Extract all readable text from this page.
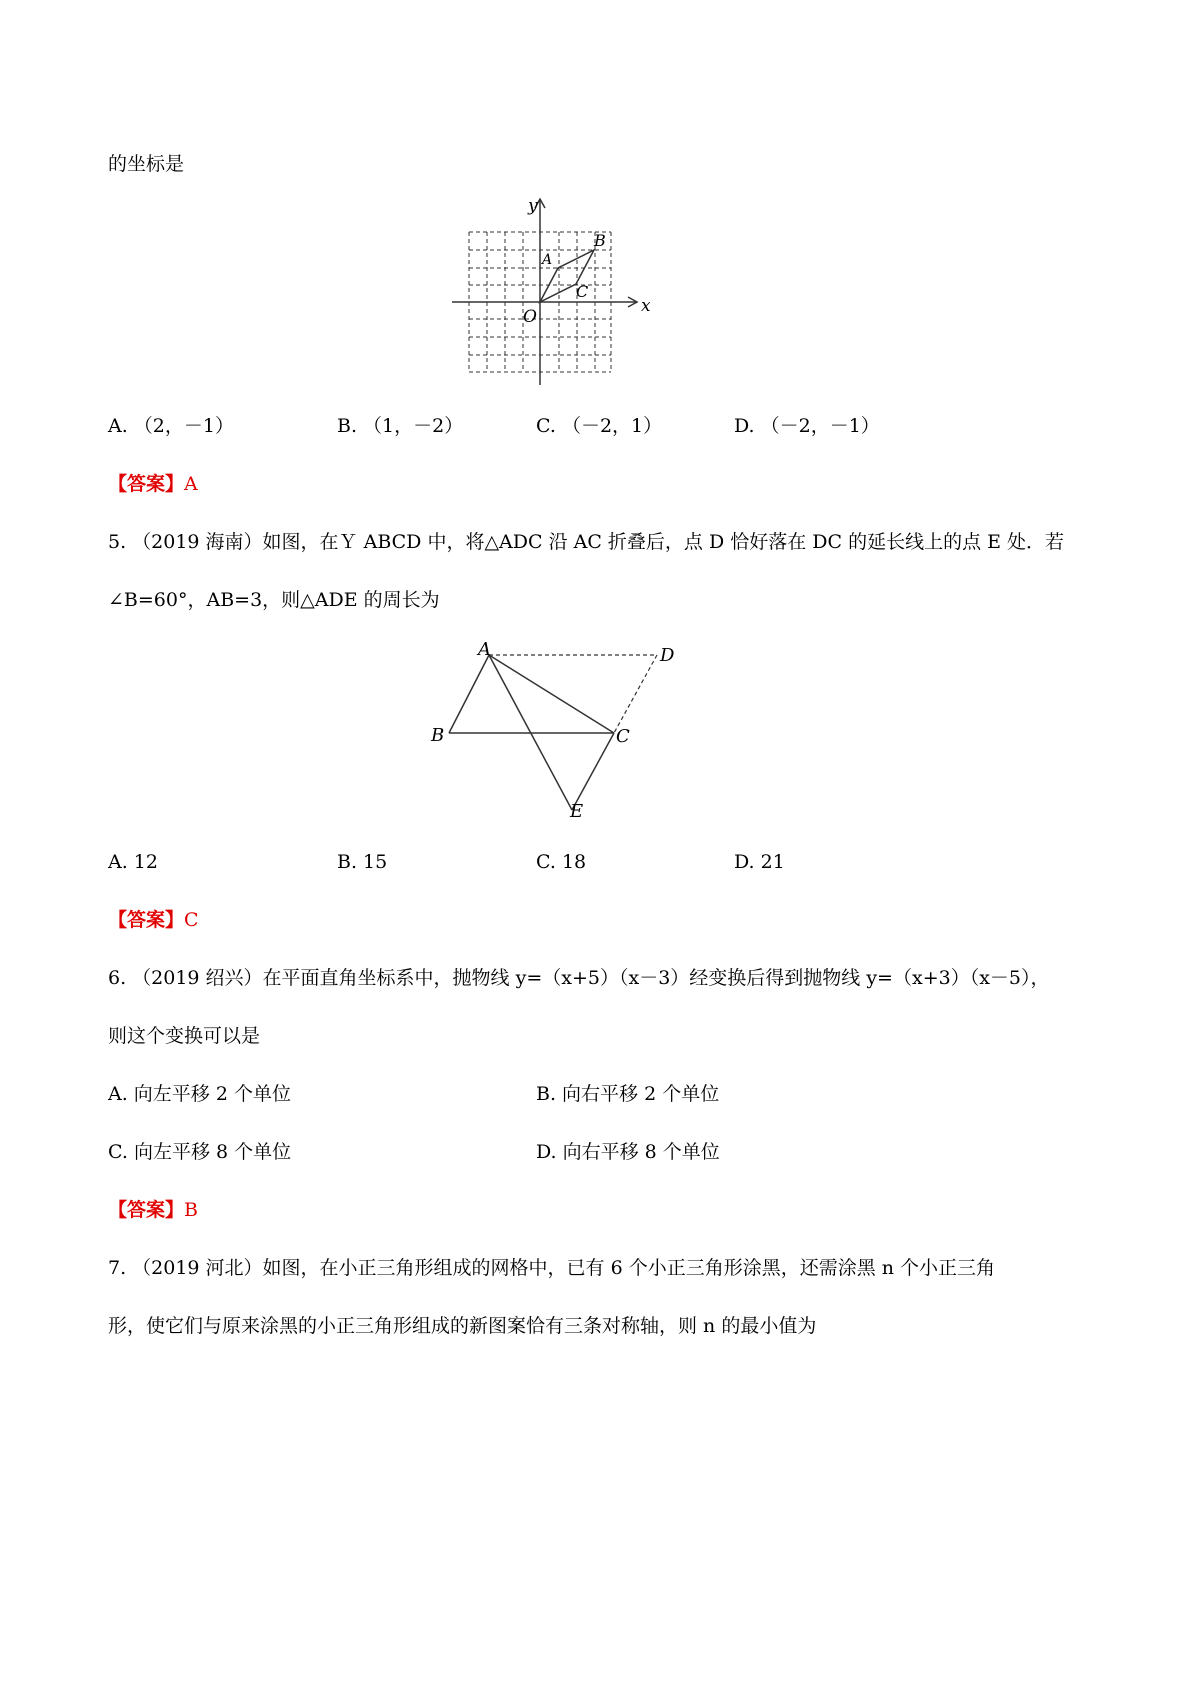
的坐标是
y
x
O
A
B
C
A. （2，－1）	B. （1，－2）	C. （－2，1）	D. （－2，－1）
【答案】A
5. （2019 海南）如图，在Ｙ ABCD 中，将△ADC 沿 AC 折叠后，点 D 恰好落在 DC 的延长线上的点 E 处．若
∠B=60°，AB=3，则△ADE 的周长为
A
B	C
D
E
A. 12	B. 15	C. 18	D. 21
【答案】C
6. （2019 绍兴）在平面直角坐标系中，抛物线 y=（x+5）（x－3）经变换后得到抛物线 y=（x+3）（x－5），
则这个变换可以是
A. 向左平移 2 个单位	B. 向右平移 2 个单位
C. 向左平移 8 个单位	D. 向右平移 8 个单位
【答案】B
7. （2019 河北）如图，在小正三角形组成的网格中，已有 6 个小正三角形涂黑，还需涂黑 n 个小正三角
形，使它们与原来涂黑的小正三角形组成的新图案恰有三条对称轴，则 n 的最小值为
